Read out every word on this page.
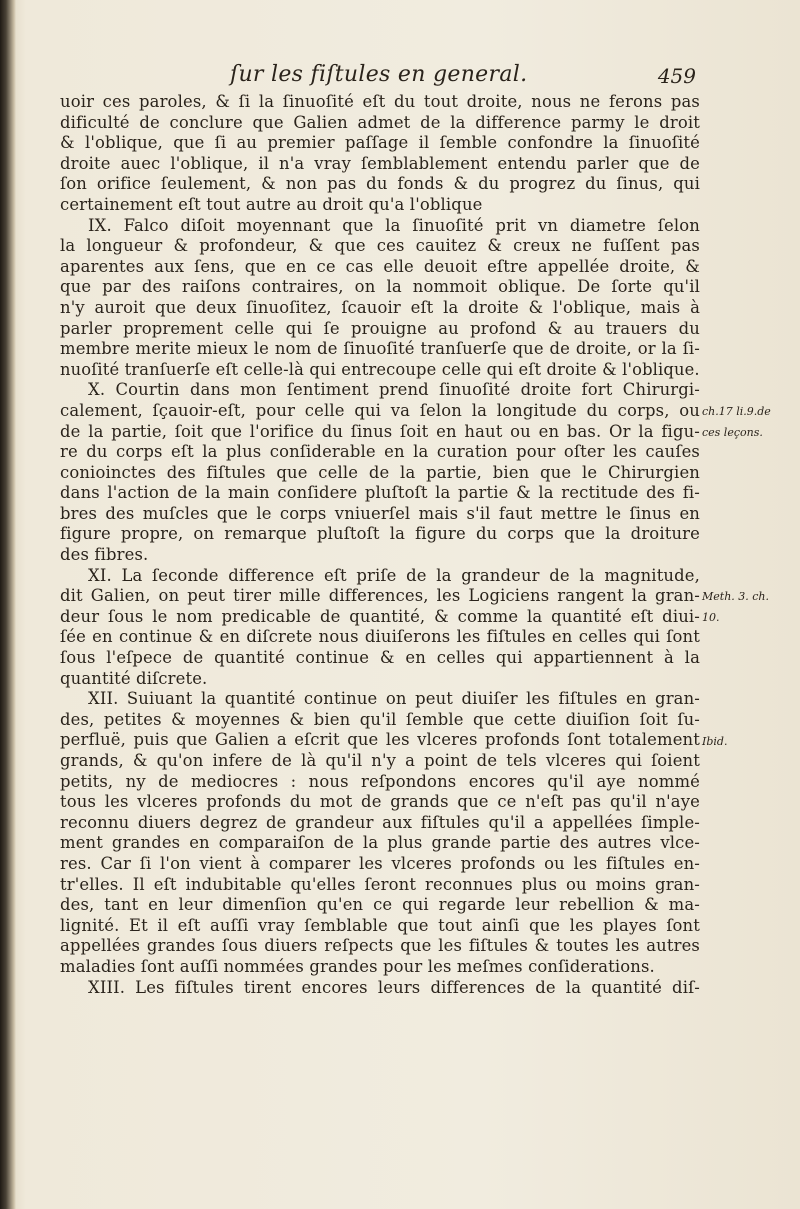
ſur les fiſtules en general.	459
uoir ces paroles, & ſi la ſinuoſité eſt du tout droite, nous ne ferons pas
dificulté de conclure que Galien admet de la difference parmy le droit
& l'oblique, que ſi au premier paſſage il ſemble confondre la ſinuoſité
droite auec l'oblique, il n'a vray ſemblablement entendu parler que de
ſon orifice ſeulement, & non pas du fonds & du progrez du ſinus, qui
certainement eſt tout autre au droit qu'a l'oblique
IX. Falco diſoit moyennant que la ſinuoſité prit vn diametre ſelon
la longueur & profondeur, & que ces cauitez & creux ne fuſſent pas
aparentes aux ſens, que en ce cas elle deuoit eſtre appellée droite, &
que par des raiſons contraires, on la nommoit oblique. De ſorte qu'il
n'y auroit que deux ſinuoſitez, ſcauoir eſt la droite & l'oblique, mais à
parler proprement celle qui ſe prouigne au profond & au trauers du
membre merite mieux le nom de ſinuoſité tranſuerſe que de droite, or la ſi-
nuoſité tranſuerſe eſt celle-là qui entrecoupe celle qui eſt droite & l'oblique.
X. Courtin dans mon ſentiment prend ſinuoſité droite fort Chirurgi-
calement, ſçauoir-eſt, pour celle qui va ſelon la longitude du corps, ou
de la partie, ſoit que l'orifice du ſinus ſoit en haut ou en bas. Or la figu-
re du corps eſt la plus conſiderable en la curation pour oſter les cauſes
conioinctes des fiſtules que celle de la partie, bien que le Chirurgien
dans l'action de la main conſidere pluſtoſt la partie & la rectitude des fi-
bres des muſcles que le corps vniuerſel mais s'il faut mettre le ſinus en
figure propre, on remarque pluſtoſt la figure du corps que la droiture
des fibres.
XI. La ſeconde difference eſt priſe de la grandeur de la magnitude,
dit Galien, on peut tirer mille differences, les Logiciens rangent la gran-
deur ſous le nom predicable de quantité, & comme la quantité eſt diui-
ſée en continue & en diſcrete nous diuiſerons les fiſtules en celles qui ſont
ſous l'eſpece de quantité continue & en celles qui appartiennent à la
quantité diſcrete.
XII. Suiuant la quantité continue on peut diuiſer les fiſtules en gran-
des, petites & moyennes & bien qu'il ſemble que cette diuiſion ſoit ſu-
perfluë, puis que Galien a eſcrit que les vlceres profonds ſont totalement
grands, & qu'on infere de là qu'il n'y a point de tels vlceres qui ſoient
petits, ny de mediocres : nous reſpondons encores qu'il aye nommé
tous les vlceres profonds du mot de grands que ce n'eſt pas qu'il n'aye
reconnu diuers degrez de grandeur aux fiſtules qu'il a appellées ſimple-
ment grandes en comparaiſon de la plus grande partie des autres vlce-
res. Car ſi l'on vient à comparer les vlceres profonds ou les fiſtules en-
tr'elles. Il eſt indubitable qu'elles ſeront reconnues plus ou moins gran-
des, tant en leur dimenſion qu'en ce qui regarde leur rebellion & ma-
lignité. Et il eſt auſſi vray ſemblable que tout ainſi que les playes ſont
appellées grandes ſous diuers reſpects que les fiſtules & toutes les autres
maladies ſont auſſi nommées grandes pour les meſmes conſiderations.
XIII. Les fiſtules tirent encores leurs differences de la quantité diſ-
ch.17 li.9.de
ces leçons.
Meth. 3. ch.
10.
Ibid.
